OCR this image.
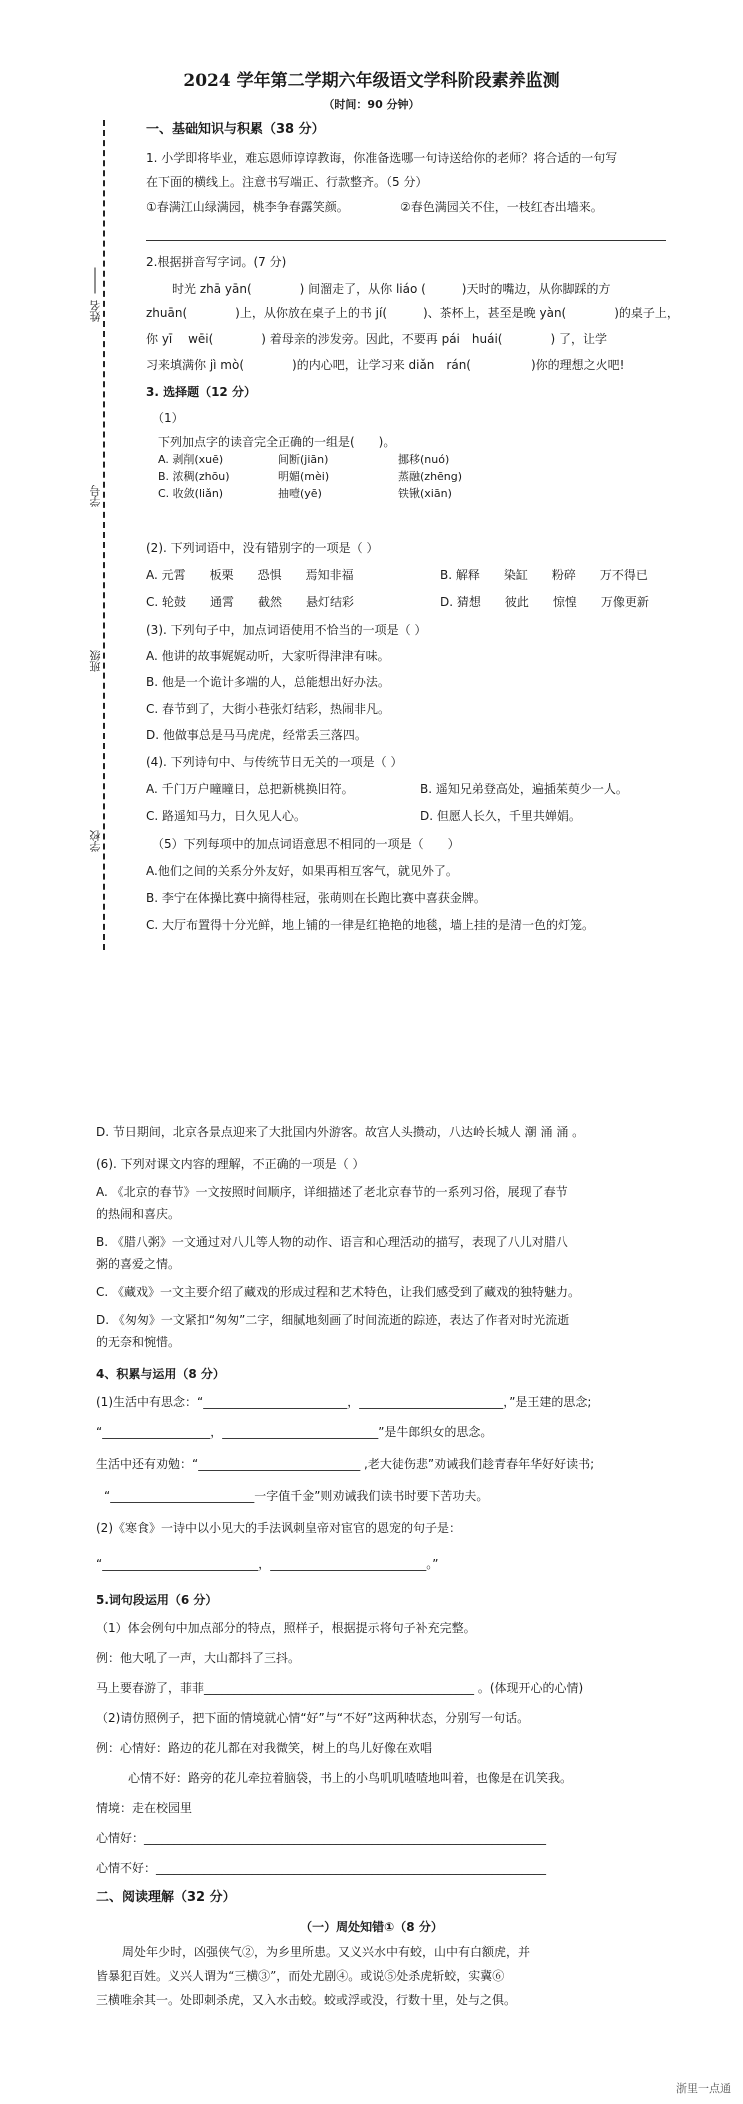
2024 学年第二学期六年级语文学科阶段素养监测
（时间：90 分钟）
姓名
学号
班级
学校
一、基础知识与积累（38 分）
1. 小学即将毕业，难忘恩师谆谆教诲，你准备选哪一句诗送给你的老师？将合适的一句写
在下面的横线上。注意书写端正、行款整齐。（5 分）
①春满江山绿满园，桃李争春露笑颜。	②春色满园关不住，一枝红杏出墙来。
2.根据拼音写字词。(7 分)
时光 zhā yān(　　　　) 间溜走了，从你 liáo (　　　)天时的嘴边，从你脚踩的方
zhuān(　　　　)上，从你放在桌子上的书 jí(　　　)、茶杯上，甚至是晚 yàn(　　　　)的桌子上，
你 yī　 wēi(　　　　) 着母亲的涉发旁。因此，不要再 pái　huái(　　　　) 了，让学
习来填满你 jì mò(　　　　)的内心吧，让学习来 diǎn　rán(　　　　　)你的理想之火吧!
3. 选择题（12 分）
（1）
下列加点字的读音完全正确的一组是(　　)。
A. 剥削(xuē)	间断(jiān)	挪移(nuó)
B. 浓稠(zhōu)	明媚(mèi)	蒸融(zhēng)
C. 收敛(liǎn)	抽噎(yē)	铁锹(xiān)
(2). 下列词语中，没有错别字的一项是（ ）
A. 元霄　　板栗　　恐惧　　焉知非福	B. 解释　　染缸　　粉碎　　万不得已
C. 轮鼓　　通霄　　截然　　悬灯结彩	D. 猜想　　彼此　　惊惶　　万像更新
(3). 下列句子中，加点词语使用不恰当的一项是（ ）
A. 他讲的故事娓娓动听，大家听得津津有味。
B. 他是一个诡计多端的人，总能想出好办法。
C. 春节到了，大街小巷张灯结彩，热闹非凡。
D. 他做事总是马马虎虎，经常丢三落四。
(4). 下列诗句中、与传统节日无关的一项是（ ）
A. 千门万户曈曈日，总把新桃换旧符。	B. 遥知兄弟登高处，遍插茱萸少一人。
C. 路遥知马力，日久见人心。	D. 但愿人长久，千里共婵娟。
（5）下列每项中的加点词语意思不相同的一项是（　　）
A.他们之间的关系分外友好，如果再相互客气，就见外了。
B. 李宁在体操比赛中摘得桂冠，张萌则在长跑比赛中喜获金牌。
C. 大厅布置得十分光鲜，地上铺的一律是红艳艳的地毯，墙上挂的是清一色的灯笼。
D. 节日期间，北京各景点迎来了大批国内外游客。故宫人头攒动，八达岭长城人 潮 涌 涌 。
(6). 下列对课文内容的理解，不正确的一项是（ ）
A. 《北京的春节》一文按照时间顺序，详细描述了老北京春节的一系列习俗，展现了春节
的热闹和喜庆。
B. 《腊八粥》一文通过对八儿等人物的动作、语言和心理活动的描写，表现了八儿对腊八
粥的喜爱之情。
C. 《藏戏》一文主要介绍了藏戏的形成过程和艺术特色，让我们感受到了藏戏的独特魅力。
D. 《匆匆》一文紧扣“匆匆”二字，细腻地刻画了时间流逝的踪迹，表达了作者对时光流逝
的无奈和惋惜。
4、积累与运用（8 分）
(1)生活中有思念：“________________________，________________________，”是王建的思念;
“__________________，__________________________”是牛郎织女的思念。
生活中还有劝勉：“___________________________ ,老大徒伤悲”劝诫我们趁青春年华好好读书;
“________________________一字值千金”则劝诫我们读书时要下苦功夫。
(2)《寒食》一诗中以小见大的手法讽刺皇帝对宦官的恩宠的句子是：
“__________________________，__________________________。”
5.词句段运用（6 分）
（1）体会例句中加点部分的特点，照样子，根据提示将句子补充完整。
例：他大吼了一声，大山都抖了三抖。
马上要春游了，菲菲_____________________________________________ 。(体现开心的心情)
（2)请仿照例子，把下面的情境就心情“好”与“不好”这两种状态，分别写一句话。
例：心情好：路边的花儿都在对我微笑，树上的鸟儿好像在欢唱
心情不好：路旁的花儿牵拉着脑袋，书上的小鸟叽叽喳喳地叫着，也像是在讥笑我。
情境：走在校园里
心情好：___________________________________________________________________
心情不好：_________________________________________________________________
二、阅读理解（32 分）
（一）周处知错①（8 分）
周处年少时，凶强侠气②，为乡里所患。又义兴水中有蛟，山中有白额虎，并
皆暴犯百姓。义兴人谓为“三横③”，而处尤剧④。或说⑤处杀虎斩蛟，实冀⑥
三横唯余其一。处即刺杀虎，又入水击蛟。蛟或浮或没，行数十里，处与之俱。
浙里一点通
